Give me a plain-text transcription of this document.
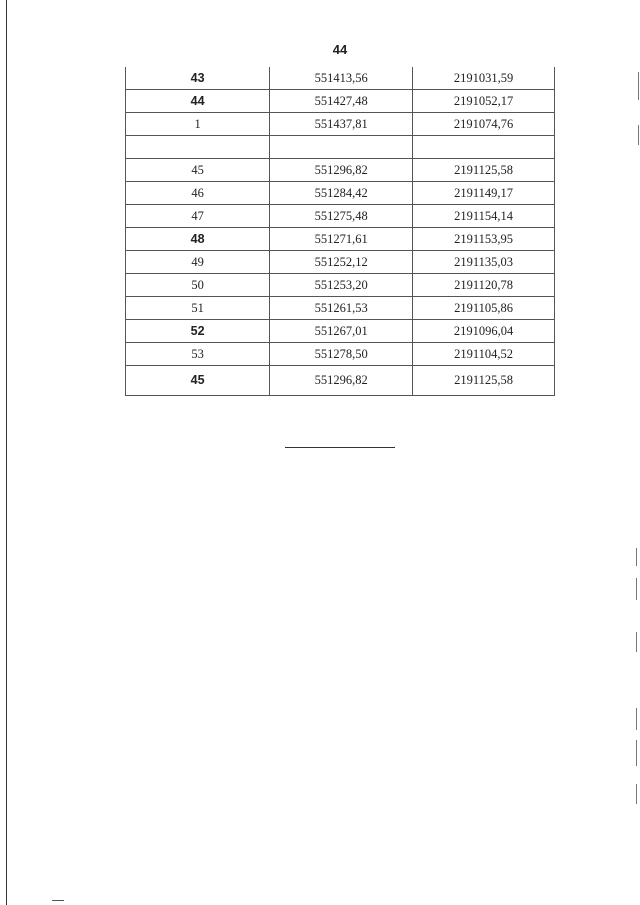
44
43	551413,56	2191031,59
44	551427,48	2191052,17
1	551437,81	2191074,76

45	551296,82	2191125,58
46	551284,42	2191149,17
47	551275,48	2191154,14
48	551271,61	2191153,95
49	551252,12	2191135,03
50	551253,20	2191120,78
51	551261,53	2191105,86
52	551267,01	2191096,04
53	551278,50	2191104,52
45	551296,82	2191125,58
